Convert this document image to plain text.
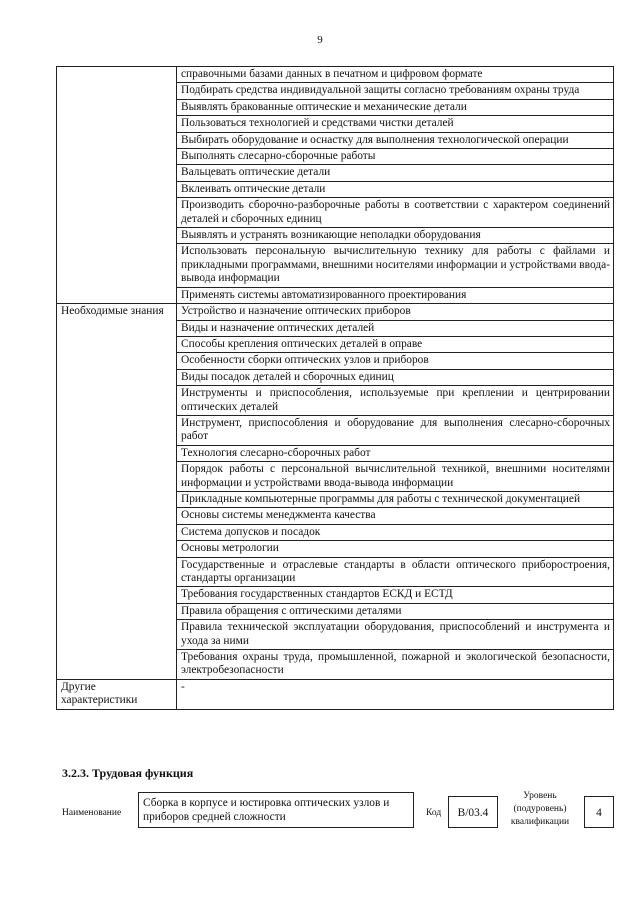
9
	справочными базами данных в печатном и цифровом формате
	Подбирать средства индивидуальной защиты согласно требованиям охраны труда
	Выявлять бракованные оптические и механические детали
	Пользоваться технологией и средствами чистки деталей
	Выбирать оборудование и оснастку для выполнения технологической операции
	Выполнять слесарно-сборочные работы
	Вальцевать оптические детали
	Вклеивать оптические детали
	Производить сборочно-разборочные работы в соответствии с характером соединений деталей и сборочных единиц
	Выявлять и устранять возникающие неполадки оборудования
	Использовать персональную вычислительную технику для работы с файлами и прикладными программами, внешними носителями информации и устройствами ввода-вывода информации
	Применять системы автоматизированного проектирования
Необходимые знания	Устройство и назначение оптических приборов
	Виды и назначение оптических деталей
	Способы крепления оптических деталей в оправе
	Особенности сборки оптических узлов и приборов
	Виды посадок деталей и сборочных единиц
	Инструменты и приспособления, используемые при креплении и центрировании оптических деталей
	Инструмент, приспособления и оборудование для выполнения слесарно-сборочных работ
	Технология слесарно-сборочных работ
	Порядок работы с персональной вычислительной техникой, внешними носителями информации и устройствами ввода-вывода информации
	Прикладные компьютерные программы для работы с технической документацией
	Основы системы менеджмента качества
	Система допусков и посадок
	Основы метрологии
	Государственные и отраслевые стандарты в области оптического приборостроения, стандарты организации
	Требования государственных стандартов ЕСКД и ЕСТД
	Правила обращения с оптическими деталями
	Правила технической эксплуатации оборудования, приспособлений и инструмента и ухода за ними
	Требования охраны труда, промышленной, пожарной и экологической безопасности, электробезопасности
Другие характеристики	-
3.2.3. Трудовая функция
Наименование
Сборка в корпусе и юстировка оптических узлов и приборов средней сложности	Код	B/03.4
Уровень (подуровень) квалификации
4
